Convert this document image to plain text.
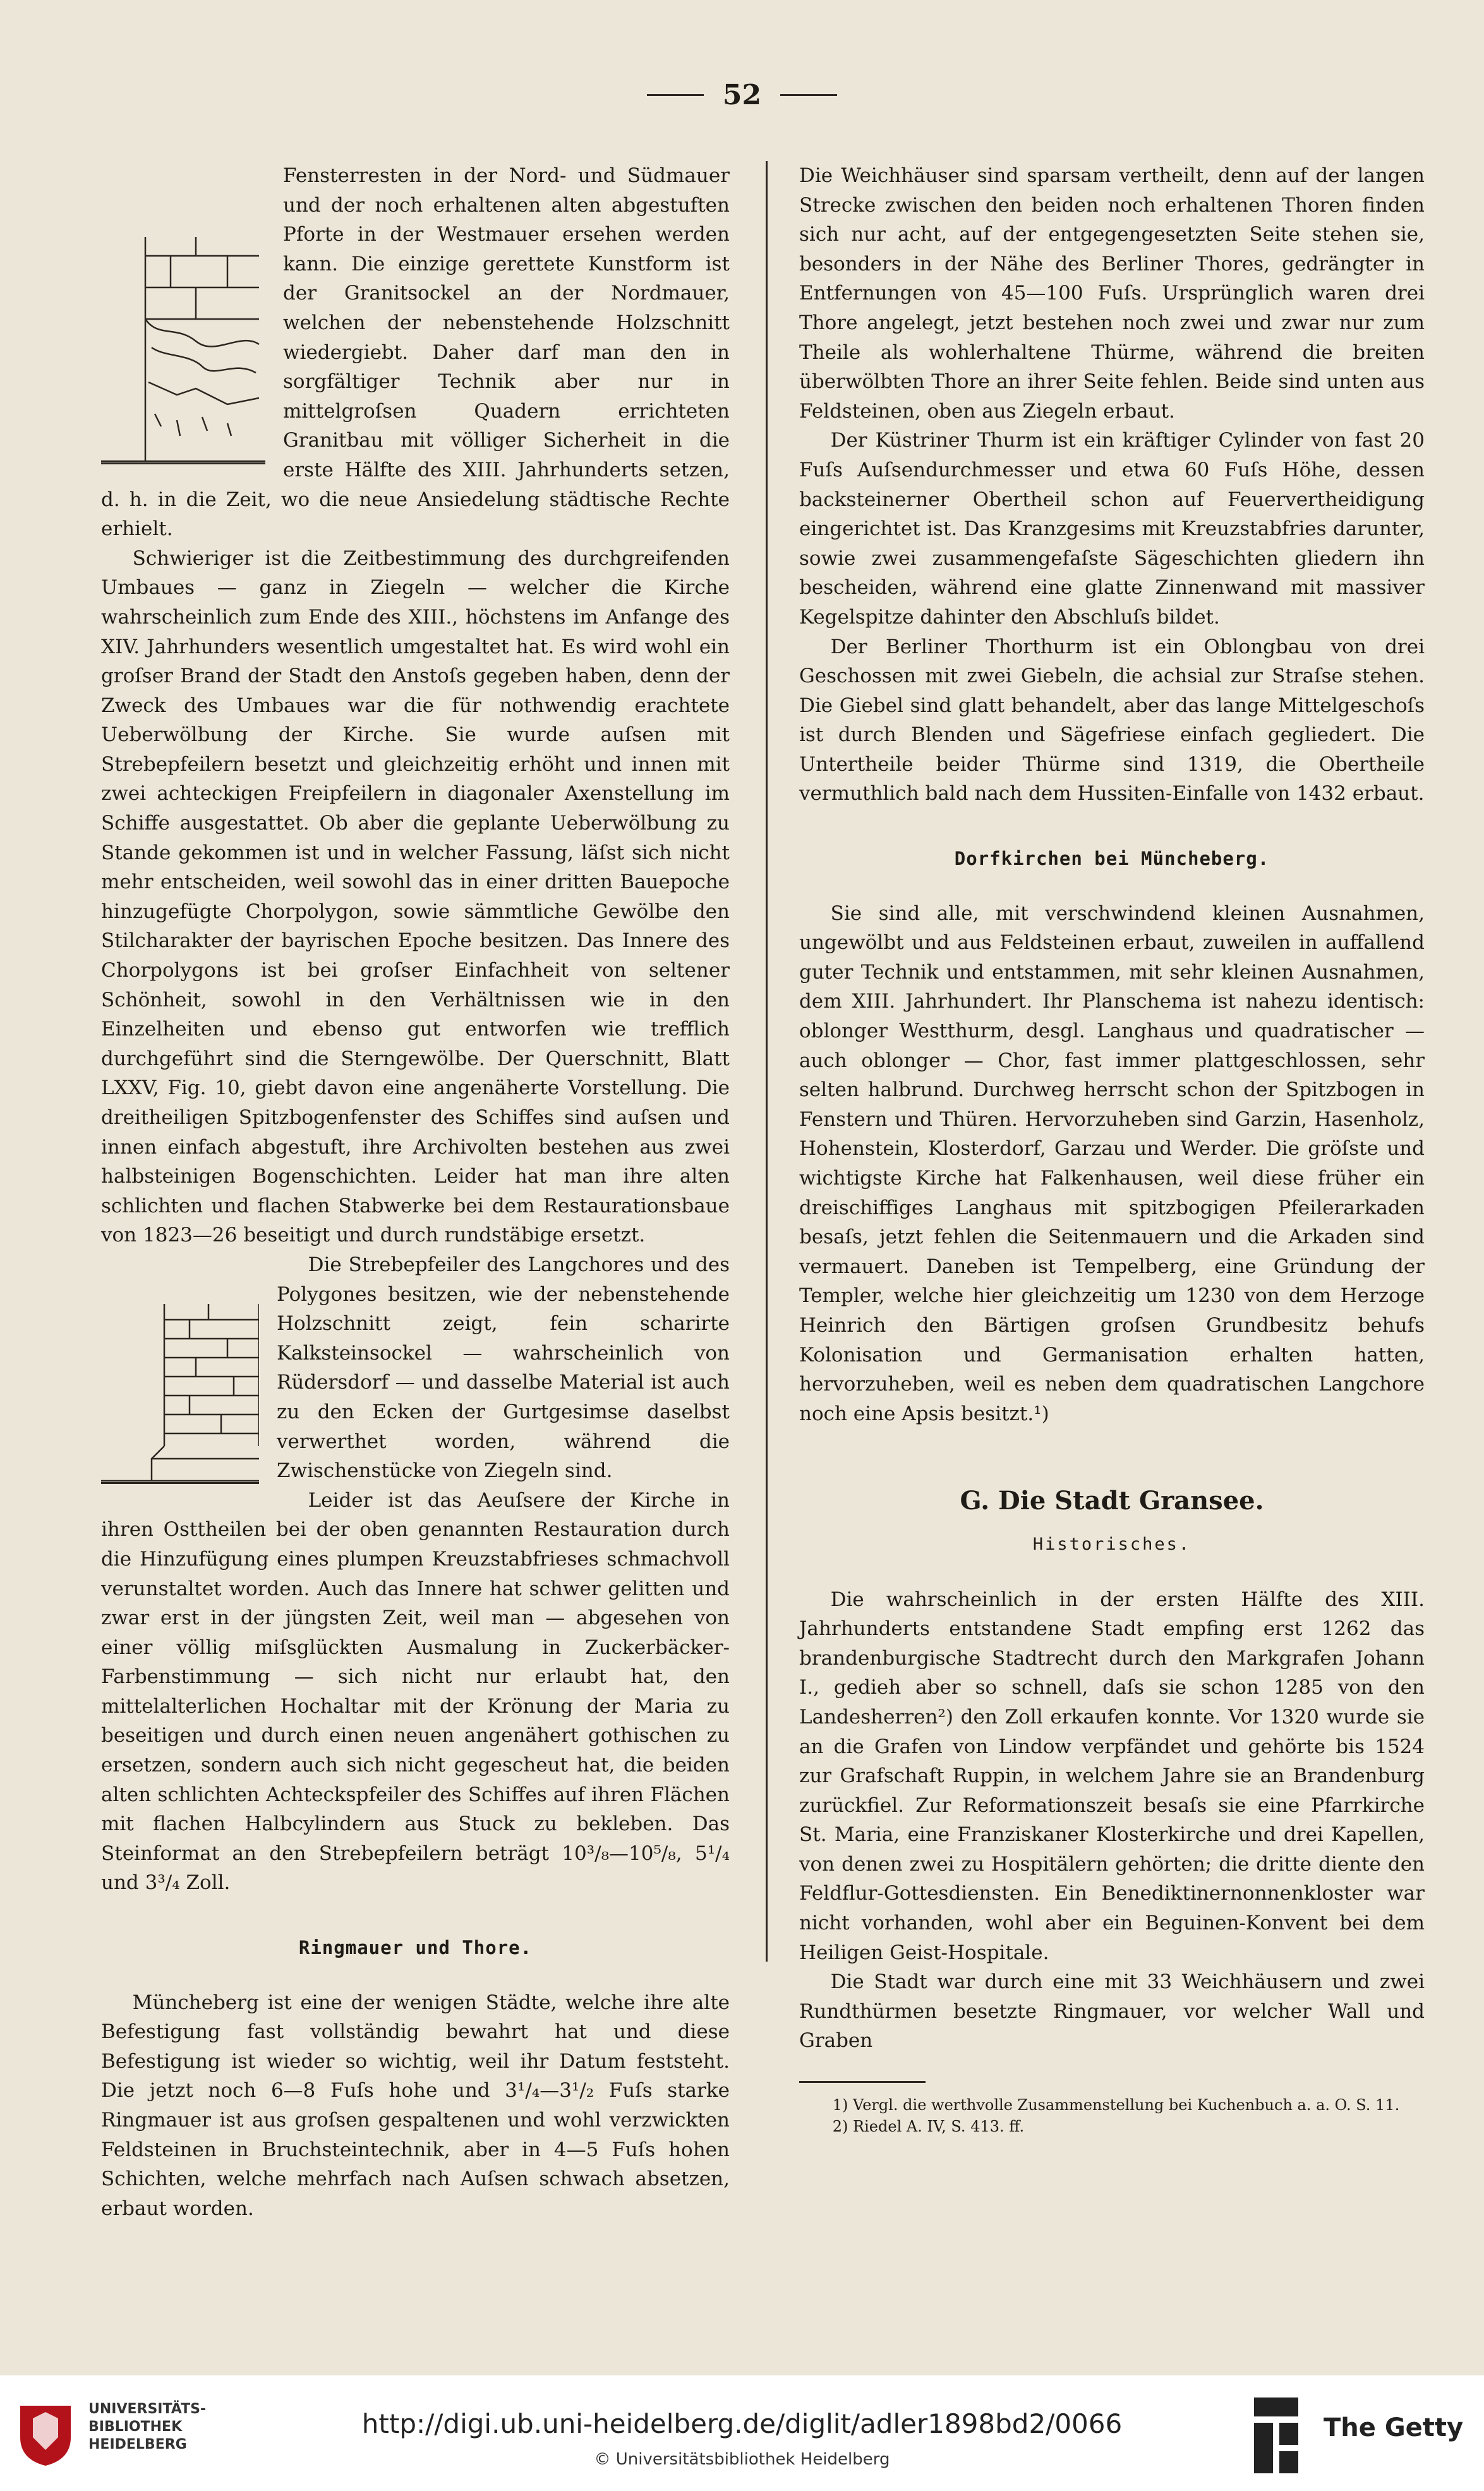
52

Fensterresten in der Nord- und Südmauer und der noch erhaltenen alten abgestuften Pforte in der Westmauer ersehen werden kann. Die einzige gerettete Kunstform ist der Granitsockel an der Nordmauer, welchen der nebenstehende Holzschnitt wiedergiebt. Daher darf man den in sorgfältiger Technik aber nur in mittelgroſsen Quadern errichteten Granitbau mit völliger Sicherheit in die erste Hälfte des XIII. Jahrhunderts setzen, d. h. in die Zeit, wo die neue Ansiedelung städtische Rechte erhielt.

Schwieriger ist die Zeitbestimmung des durchgreifenden Umbaues — ganz in Ziegeln — welcher die Kirche wahrscheinlich zum Ende des XIII., höchstens im Anfange des XIV. Jahrhunders wesentlich umgestaltet hat. Es wird wohl ein groſser Brand der Stadt den Anstoſs gegeben haben, denn der Zweck des Umbaues war die für nothwendig erachtete Ueberwölbung der Kirche. Sie wurde auſsen mit Strebepfeilern besetzt und gleichzeitig erhöht und innen mit zwei achteckigen Freipfeilern in diagonaler Axenstellung im Schiffe ausgestattet. Ob aber die geplante Ueberwölbung zu Stande gekommen ist und in welcher Fassung, läſst sich nicht mehr entscheiden, weil sowohl das in einer dritten Bauepoche hinzugefügte Chorpolygon, sowie sämmtliche Gewölbe den Stilcharakter der bayrischen Epoche besitzen. Das Innere des Chorpolygons ist bei groſser Einfachheit von seltener Schönheit, sowohl in den Verhältnissen wie in den Einzelheiten und ebenso gut entworfen wie trefflich durchgeführt sind die Sterngewölbe. Der Querschnitt, Blatt LXXV, Fig. 10, giebt davon eine angenäherte Vorstellung. Die dreitheiligen Spitzbogenfenster des Schiffes sind auſsen und innen einfach abgestuft, ihre Archivolten bestehen aus zwei halbsteinigen Bogenschichten. Leider hat man ihre alten schlichten und flachen Stabwerke bei dem Restaurationsbaue von 1823—26 beseitigt und durch rundstäbige ersetzt.

Die Strebepfeiler des Langchores und des Polygones besitzen, wie der nebenstehende Holzschnitt zeigt, fein scharirte Kalksteinsockel — wahrscheinlich von Rüdersdorf — und dasselbe Material ist auch zu den Ecken der Gurtgesimse daselbst verwerthet worden, während die Zwischenstücke von Ziegeln sind.

Leider ist das Aeuſsere der Kirche in ihren Osttheilen bei der oben genannten Restauration durch die Hinzufügung eines plumpen Kreuzstabfrieses schmachvoll verunstaltet worden. Auch das Innere hat schwer gelitten und zwar erst in der jüngsten Zeit, weil man — abgesehen von einer völlig miſsglückten Ausmalung in Zuckerbäcker-Farbenstimmung — sich nicht nur erlaubt hat, den mittelalterlichen Hochaltar mit der Krönung der Maria zu beseitigen und durch einen neuen angenähert gothischen zu ersetzen, sondern auch sich nicht gegescheut hat, die beiden alten schlichten Achteckspfeiler des Schiffes auf ihren Flächen mit flachen Halbcylindern aus Stuck zu bekleben. Das Steinformat an den Strebepfeilern beträgt 10³/₈—10⁵/₈, 5¹/₄ und 3³/₄ Zoll.

Ringmauer und Thore.

Müncheberg ist eine der wenigen Städte, welche ihre alte Befestigung fast vollständig bewahrt hat und diese Befestigung ist wieder so wichtig, weil ihr Datum feststeht. Die jetzt noch 6—8 Fuſs hohe und 3¹/₄—3¹/₂ Fuſs starke Ringmauer ist aus groſsen gespaltenen und wohl verzwickten Feldsteinen in Bruchsteintechnik, aber in 4—5 Fuſs hohen Schichten, welche mehrfach nach Auſsen schwach absetzen, erbaut worden.

Die Weichhäuser sind sparsam vertheilt, denn auf der langen Strecke zwischen den beiden noch erhaltenen Thoren finden sich nur acht, auf der entgegengesetzten Seite stehen sie, besonders in der Nähe des Berliner Thores, gedrängter in Entfernungen von 45—100 Fuſs. Ursprünglich waren drei Thore angelegt, jetzt bestehen noch zwei und zwar nur zum Theile als wohlerhaltene Thürme, während die breiten überwölbten Thore an ihrer Seite fehlen. Beide sind unten aus Feldsteinen, oben aus Ziegeln erbaut.

Der Küstriner Thurm ist ein kräftiger Cylinder von fast 20 Fuſs Auſsendurchmesser und etwa 60 Fuſs Höhe, dessen backsteinerner Obertheil schon auf Feuervertheidigung eingerichtet ist. Das Kranzgesims mit Kreuzstabfries darunter, sowie zwei zusammengefaſste Sägeschichten gliedern ihn bescheiden, während eine glatte Zinnenwand mit massiver Kegelspitze dahinter den Abschluſs bildet.

Der Berliner Thorthurm ist ein Oblongbau von drei Geschossen mit zwei Giebeln, die achsial zur Straſse stehen. Die Giebel sind glatt behandelt, aber das lange Mittelgeschoſs ist durch Blenden und Sägefriese einfach gegliedert. Die Untertheile beider Thürme sind 1319, die Obertheile vermuthlich bald nach dem Hussiten-Einfalle von 1432 erbaut.

Dorfkirchen bei Müncheberg.

Sie sind alle, mit verschwindend kleinen Ausnahmen, ungewölbt und aus Feldsteinen erbaut, zuweilen in auffallend guter Technik und entstammen, mit sehr kleinen Ausnahmen, dem XIII. Jahrhundert. Ihr Planschema ist nahezu identisch: oblonger Westthurm, desgl. Langhaus und quadratischer — auch oblonger — Chor, fast immer plattgeschlossen, sehr selten halbrund. Durchweg herrscht schon der Spitzbogen in Fenstern und Thüren. Hervorzuheben sind Garzin, Hasenholz, Hohenstein, Klosterdorf, Garzau und Werder. Die gröſste und wichtigste Kirche hat Falkenhausen, weil diese früher ein dreischiffiges Langhaus mit spitzbogigen Pfeilerarkaden besaſs, jetzt fehlen die Seitenmauern und die Arkaden sind vermauert. Daneben ist Tempelberg, eine Gründung der Templer, welche hier gleichzeitig um 1230 von dem Herzoge Heinrich den Bärtigen groſsen Grundbesitz behufs Kolonisation und Germanisation erhalten hatten, hervorzuheben, weil es neben dem quadratischen Langchore noch eine Apsis besitzt.¹)

G. Die Stadt Gransee.
Historisches.

Die wahrscheinlich in der ersten Hälfte des XIII. Jahrhunderts entstandene Stadt empfing erst 1262 das brandenburgische Stadtrecht durch den Markgrafen Johann I., gedieh aber so schnell, daſs sie schon 1285 von den Landesherren²) den Zoll erkaufen konnte. Vor 1320 wurde sie an die Grafen von Lindow verpfändet und gehörte bis 1524 zur Grafschaft Ruppin, in welchem Jahre sie an Brandenburg zurückfiel. Zur Reformationszeit besaſs sie eine Pfarrkirche St. Maria, eine Franziskaner Klosterkirche und drei Kapellen, von denen zwei zu Hospitälern gehörten; die dritte diente den Feldflur-Gottesdiensten. Ein Benediktinernonnenkloster war nicht vorhanden, wohl aber ein Beguinen-Konvent bei dem Heiligen Geist-Hospitale.

Die Stadt war durch eine mit 33 Weichhäusern und zwei Rundthürmen besetzte Ringmauer, vor welcher Wall und Graben

1) Vergl. die werthvolle Zusammenstellung bei Kuchenbuch a. a. O. S. 11.
2) Riedel A. IV, S. 413. ff.
UNIVERSITÄTS-
BIBLIOTHEK
HEIDELBERG
http://digi.ub.uni-heidelberg.de/diglit/adler1898bd2/0066
© Universitätsbibliothek Heidelberg
The Getty
